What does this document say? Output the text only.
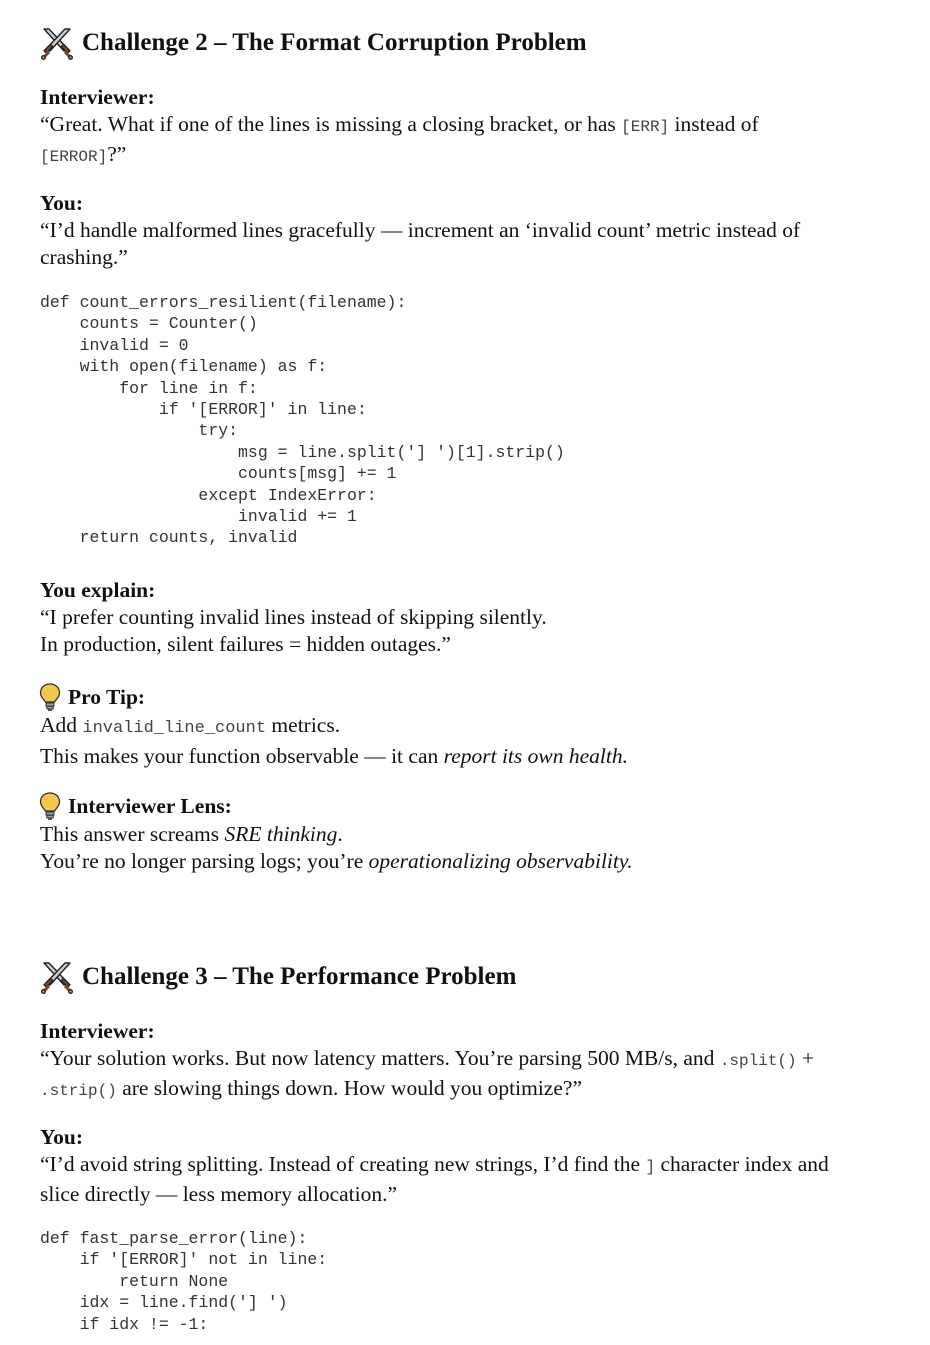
Challenge 2 – The Format Corruption Problem
Interviewer:
“Great. What if one of the lines is missing a closing bracket, or has [ERR] instead of
[ERROR]?”
You:
“I’d handle malformed lines gracefully — increment an ‘invalid count’ metric instead of
crashing.”
def count_errors_resilient(filename):
counts = Counter()
invalid = 0
with open(filename) as f:
for line in f:
if '[ERROR]' in line:
try:
msg = line.split('] ')[1].strip()
counts[msg] += 1
except IndexError:
invalid += 1
return counts, invalid
You explain:
“I prefer counting invalid lines instead of skipping silently.
In production, silent failures = hidden outages.”
Pro Tip:
Add invalid_line_count metrics.
This makes your function observable — it can report its own health.
Interviewer Lens:
This answer screams SRE thinking.
You’re no longer parsing logs; you’re operationalizing observability.
Challenge 3 – The Performance Problem
Interviewer:
“Your solution works. But now latency matters. You’re parsing 500 MB/s, and .split() +
.strip() are slowing things down. How would you optimize?”
You:
“I’d avoid string splitting. Instead of creating new strings, I’d find the ] character index and
slice directly — less memory allocation.”
def fast_parse_error(line):
if '[ERROR]' not in line:
return None
idx = line.find('] ')
if idx != -1:
